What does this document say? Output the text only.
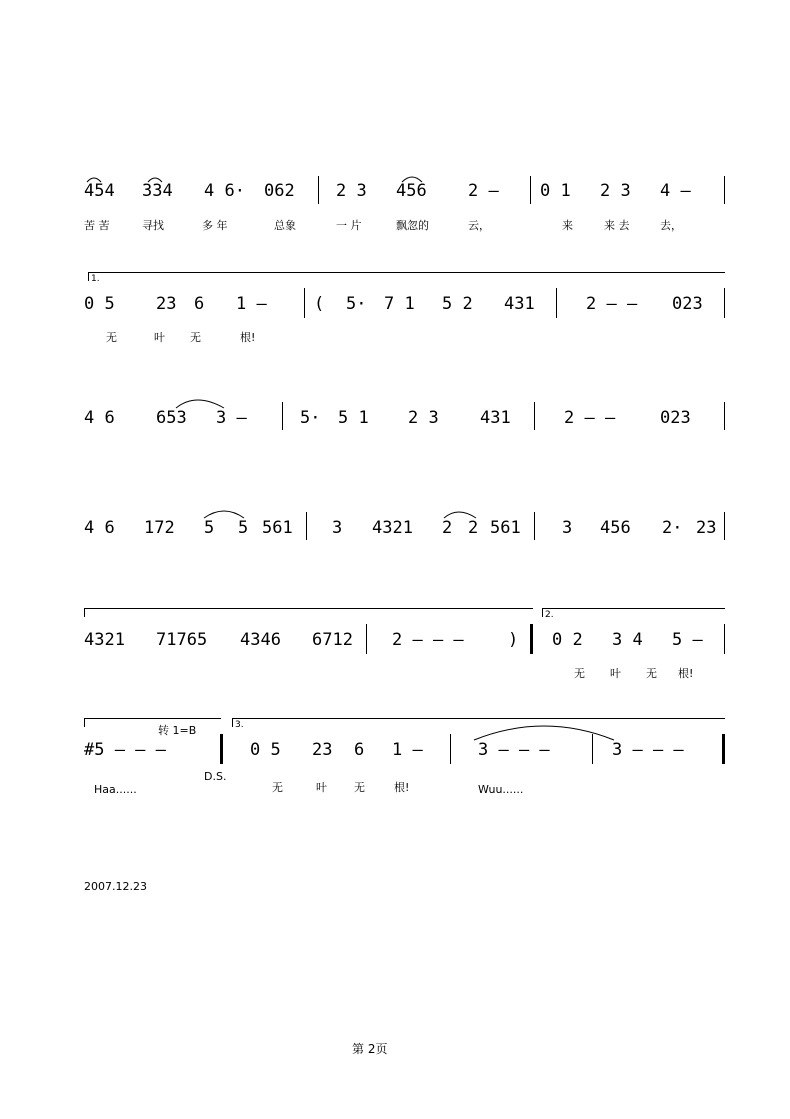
454 334 4 6· 062 2 3 456 2 – 0 1 2 3 4 –
苦 苦	寻找	多 年	总象	一 片	飘忽的	云，	来	来 去	去，
1.
0 5 23 6 1 –	( 5· 7 1 5 2 431	2 – – 023
无	叶 无	根!
4 6 653 3 –	5· 5 1 2 3 431	2 – –	023
4 6 172 5 5 561 3 4321 2 2 561 3 456 2· 23
2.
4321 71765 4346 6712 2 – – –	) 0 2 3 4 5 –
无 叶 无 根!
3.
转 1=B
#5 – – –
D.S.
0 5 23 6 1 –	3 – – –	3 – – –
Haa......	无	叶 无	根!	Wuu......
2007.12.23
第 2页
